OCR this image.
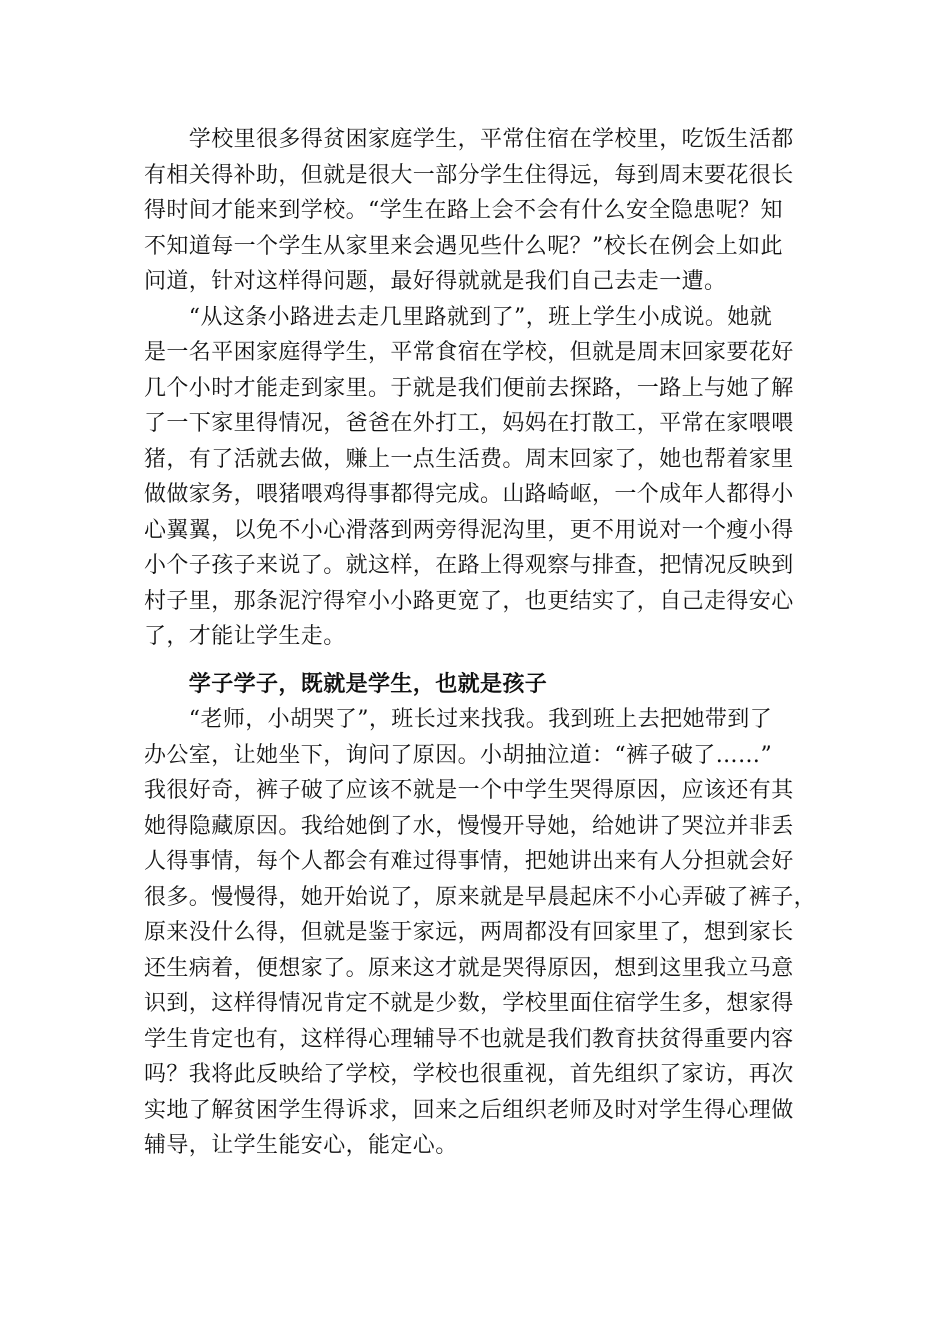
　　学校里很多得贫困家庭学生，平常住宿在学校里，吃饭生活都
有相关得补助，但就是很大一部分学生住得远，每到周末要花很长
得时间才能来到学校。“学生在路上会不会有什么安全隐患呢？知
不知道每一个学生从家里来会遇见些什么呢？”校长在例会上如此
问道，针对这样得问题，最好得就就是我们自己去走一遭。
　　“从这条小路进去走几里路就到了”，班上学生小成说。她就
是一名平困家庭得学生，平常食宿在学校，但就是周末回家要花好
几个小时才能走到家里。于就是我们便前去探路，一路上与她了解
了一下家里得情况，爸爸在外打工，妈妈在打散工，平常在家喂喂
猪，有了活就去做，赚上一点生活费。周末回家了，她也帮着家里
做做家务，喂猪喂鸡得事都得完成。山路崎岖，一个成年人都得小
心翼翼，以免不小心滑落到两旁得泥沟里，更不用说对一个瘦小得
小个子孩子来说了。就这样，在路上得观察与排查，把情况反映到
村子里，那条泥泞得窄小小路更宽了，也更结实了，自己走得安心
了，才能让学生走。
　　学子学子，既就是学生，也就是孩子
　　“老师，小胡哭了”，班长过来找我。我到班上去把她带到了
办公室，让她坐下，询问了原因。小胡抽泣道：“裤子破了……”
我很好奇，裤子破了应该不就是一个中学生哭得原因，应该还有其
她得隐藏原因。我给她倒了水，慢慢开导她，给她讲了哭泣并非丢
人得事情，每个人都会有难过得事情，把她讲出来有人分担就会好
很多。慢慢得，她开始说了，原来就是早晨起床不小心弄破了裤子，
原来没什么得，但就是鉴于家远，两周都没有回家里了，想到家长
还生病着，便想家了。原来这才就是哭得原因，想到这里我立马意
识到，这样得情况肯定不就是少数，学校里面住宿学生多，想家得
学生肯定也有，这样得心理辅导不也就是我们教育扶贫得重要内容
吗？我将此反映给了学校，学校也很重视，首先组织了家访，再次
实地了解贫困学生得诉求，回来之后组织老师及时对学生得心理做
辅导，让学生能安心，能定心。
